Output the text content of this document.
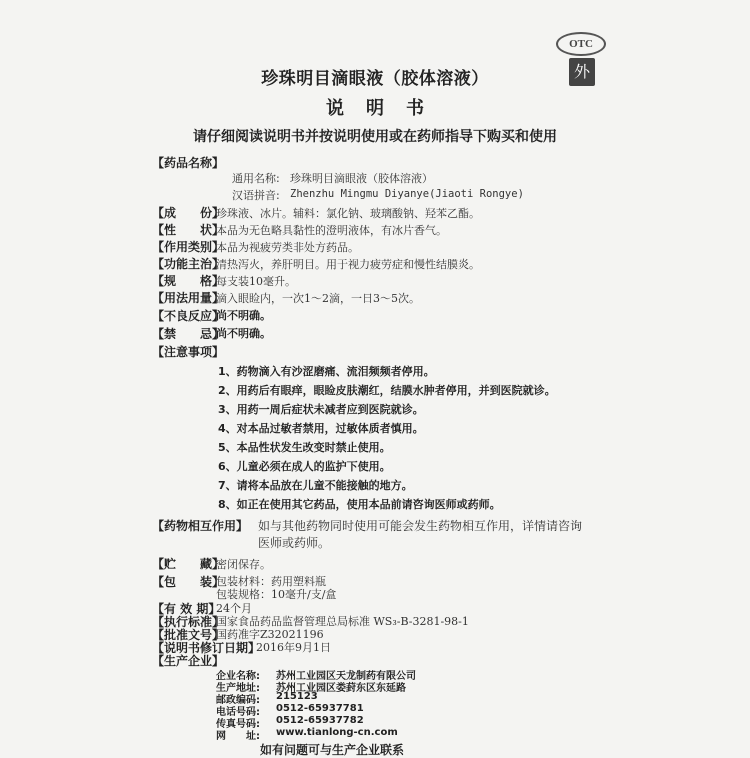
OTC
外
珍珠明目滴眼液（胶体溶液）
说明书
请仔细阅读说明书并按说明使用或在药师指导下购买和使用
【药品名称】
通用名称: 珍珠明目滴眼液（胶体溶液）
汉语拼音: Zhenzhu Mingmu Diyanye(Jiaoti Rongye)
【成　　份】
珍珠液、冰片。辅料：氯化钠、玻璃酸钠、羟苯乙酯。
【性　　状】
本品为无色略具黏性的澄明液体，有冰片香气。
【作用类别】
本品为视疲劳类非处方药品。
【功能主治】
清热泻火，养肝明目。用于视力疲劳症和慢性结膜炎。
【规　　格】
每支装10毫升。
【用法用量】
滴入眼睑内，一次1～2滴，一日3～5次。
【不良反应】
尚不明确。
【禁　　忌】
尚不明确。
【注意事项】
1、药物滴入有沙涩磨痛、流泪频频者停用。
2、用药后有眼痒，眼睑皮肤潮红，结膜水肿者停用，并到医院就诊。
3、用药一周后症状未减者应到医院就诊。
4、对本品过敏者禁用，过敏体质者慎用。
5、本品性状发生改变时禁止使用。
6、儿童必须在成人的监护下使用。
7、请将本品放在儿童不能接触的地方。
8、如正在使用其它药品，使用本品前请咨询医师或药师。
【药物相互作用】 如与其他药物同时使用可能会发生药物相互作用，详情请咨询
医师或药师。
【贮　　藏】
密闭保存。
【包　　装】
包装材料：药用塑料瓶
包装规格：10毫升/支/盒
【有 效 期】
24个月
【执行标准】
国家食品药品监督管理总局标准 WS₃-B-3281-98-1
【批准文号】
国药准字Z32021196
【说明书修订日期】
2016年9月1日
【生产企业】
如有问题可与生产企业联系
企业名称: 苏州工业园区天龙制药有限公司
生产地址: 苏州工业园区娄葑东区东延路
邮政编码: 215123
电话号码: 0512-65937781
传真号码: 0512-65937782
网　　址: www.tianlong-cn.com
